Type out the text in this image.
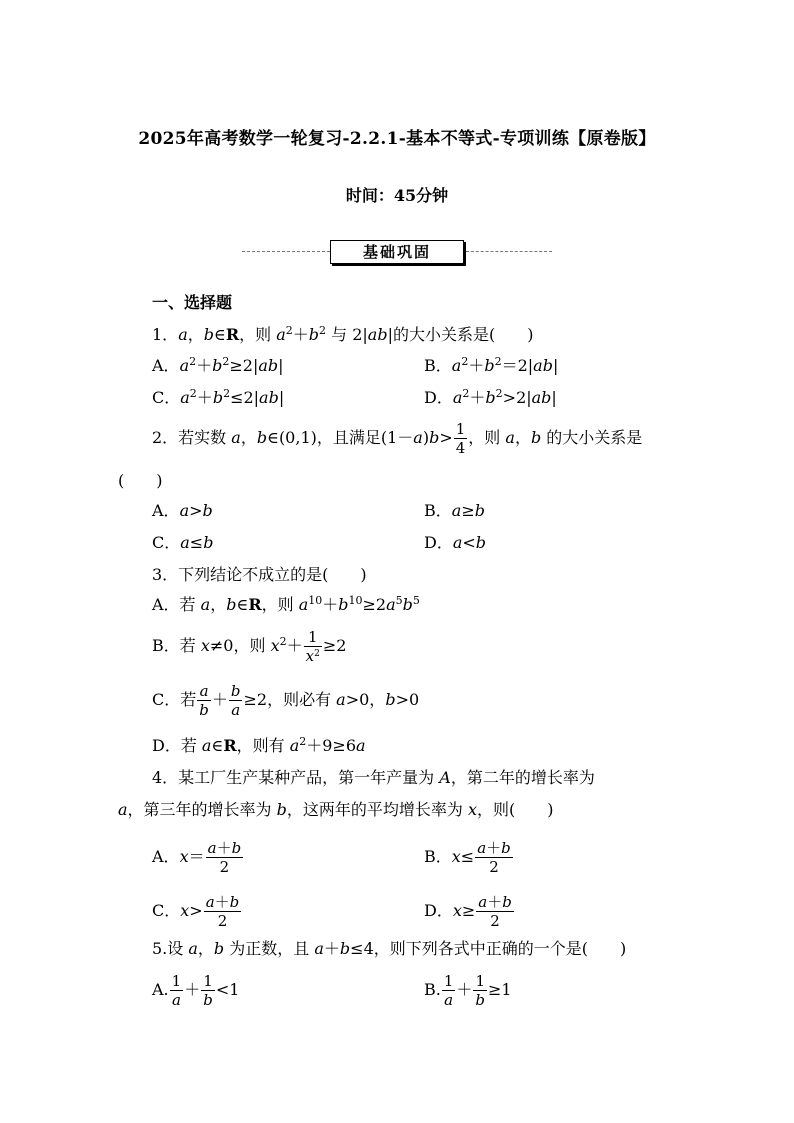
2025年高考数学一轮复习-2.2.1-基本不等式-专项训练【原卷版】
时间：45分钟
基础巩固
一、选择题
1．a，b∈R，则 $a^2+b^2$ 与 2|ab|的大小关系是(　　)
A．$a^2+b^2\ge 2|ab|$	B．$a^2+b^2=2|ab|$
C．$a^2+b^2\le 2|ab|$	D．$a^2+b^2>2|ab|$
2．若实数 a，b∈(0,1)，且满足$(1-a)b> \frac{1}{4}$ ，则 a，b 的大小关系是
(　　)
A．a>b	B．a≥b
C．a≤b	D．a<b
3．下列结论不成立的是(　　)
A．若 a，b∈R，则 $a^{10}+b^{10}\ge 2a^5b^5$
B．若 x≠0，则 $x^2+ \frac{1}{x^2} \ge 2$
C．若 $\frac{a}{b} + \frac{b}{a} \ge 2$，则必有 a>0，b>0
D．若 a∈R，则有 $a^2+9\ge 6a$
4．某工厂生产某种产品，第一年产量为 A，第二年的增长率为
a，第三年的增长率为 b，这两年的平均增长率为 x，则(　　)
A．$x= \frac{a+b}{2}$	B．$x\le \frac{a+b}{2}$
C．$x> \frac{a+b}{2}$	D．$x\ge \frac{a+b}{2}$
5.设 a，b 为正数，且 a＋b≤4，则下列各式中正确的一个是(　　)
A. $\frac{1}{a} + \frac{1}{b} <1$	B. $\frac{1}{a} + \frac{1}{b} \ge 1$
